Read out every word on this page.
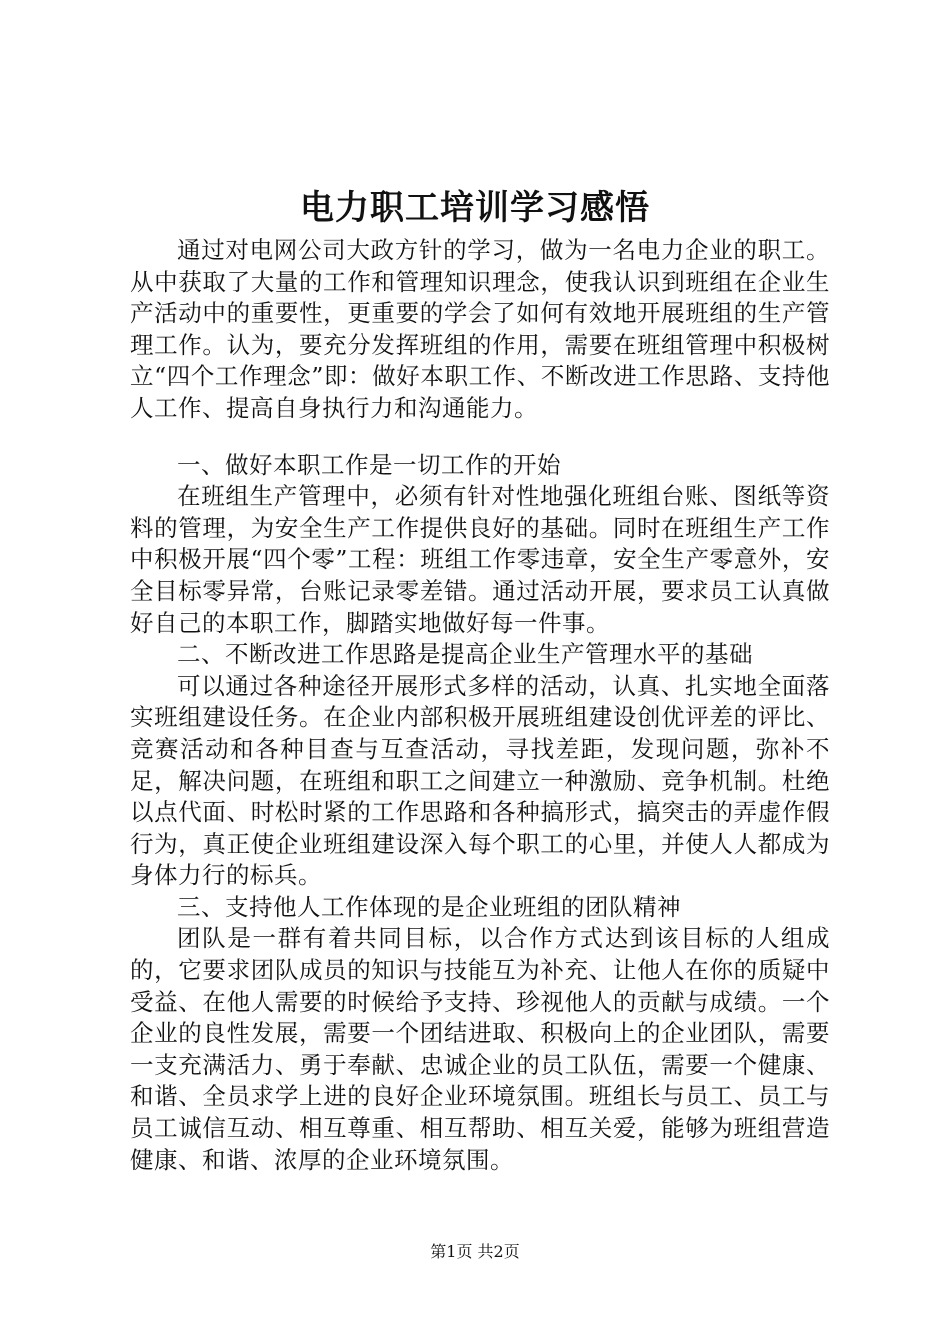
电力职工培训学习感悟

通过对电网公司大政方针的学习，做为一名电力企业的职工。从中获取了大量的工作和管理知识理念，使我认识到班组在企业生产活动中的重要性，更重要的学会了如何有效地开展班组的生产管理工作。认为，要充分发挥班组的作用，需要在班组管理中积极树立“四个工作理念”即：做好本职工作、不断改进工作思路、支持他人工作、提高自身执行力和沟通能力。

一、做好本职工作是一切工作的开始

在班组生产管理中，必须有针对性地强化班组台账、图纸等资料的管理，为安全生产工作提供良好的基础。同时在班组生产工作中积极开展“四个零”工程：班组工作零违章，安全生产零意外，安全目标零异常，台账记录零差错。通过活动开展，要求员工认真做好自己的本职工作，脚踏实地做好每一件事。

二、不断改进工作思路是提高企业生产管理水平的基础

可以通过各种途径开展形式多样的活动，认真、扎实地全面落实班组建设任务。在企业内部积极开展班组建设创优评差的评比、竞赛活动和各种目查与互查活动，寻找差距，发现问题，弥补不足，解决问题，在班组和职工之间建立一种激励、竞争机制。杜绝以点代面、时松时紧的工作思路和各种搞形式，搞突击的弄虚作假行为，真正使企业班组建设深入每个职工的心里，并使人人都成为身体力行的标兵。

三、支持他人工作体现的是企业班组的团队精神

团队是一群有着共同目标，以合作方式达到该目标的人组成的，它要求团队成员的知识与技能互为补充、让他人在你的质疑中受益、在他人需要的时候给予支持、珍视他人的贡献与成绩。一个企业的良性发展，需要一个团结进取、积极向上的企业团队，需要一支充满活力、勇于奉献、忠诚企业的员工队伍，需要一个健康、和谐、全员求学上进的良好企业环境氛围。班组长与员工、员工与员工诚信互动、相互尊重、相互帮助、相互关爱，能够为班组营造健康、和谐、浓厚的企业环境氛围。

第1页 共2页
